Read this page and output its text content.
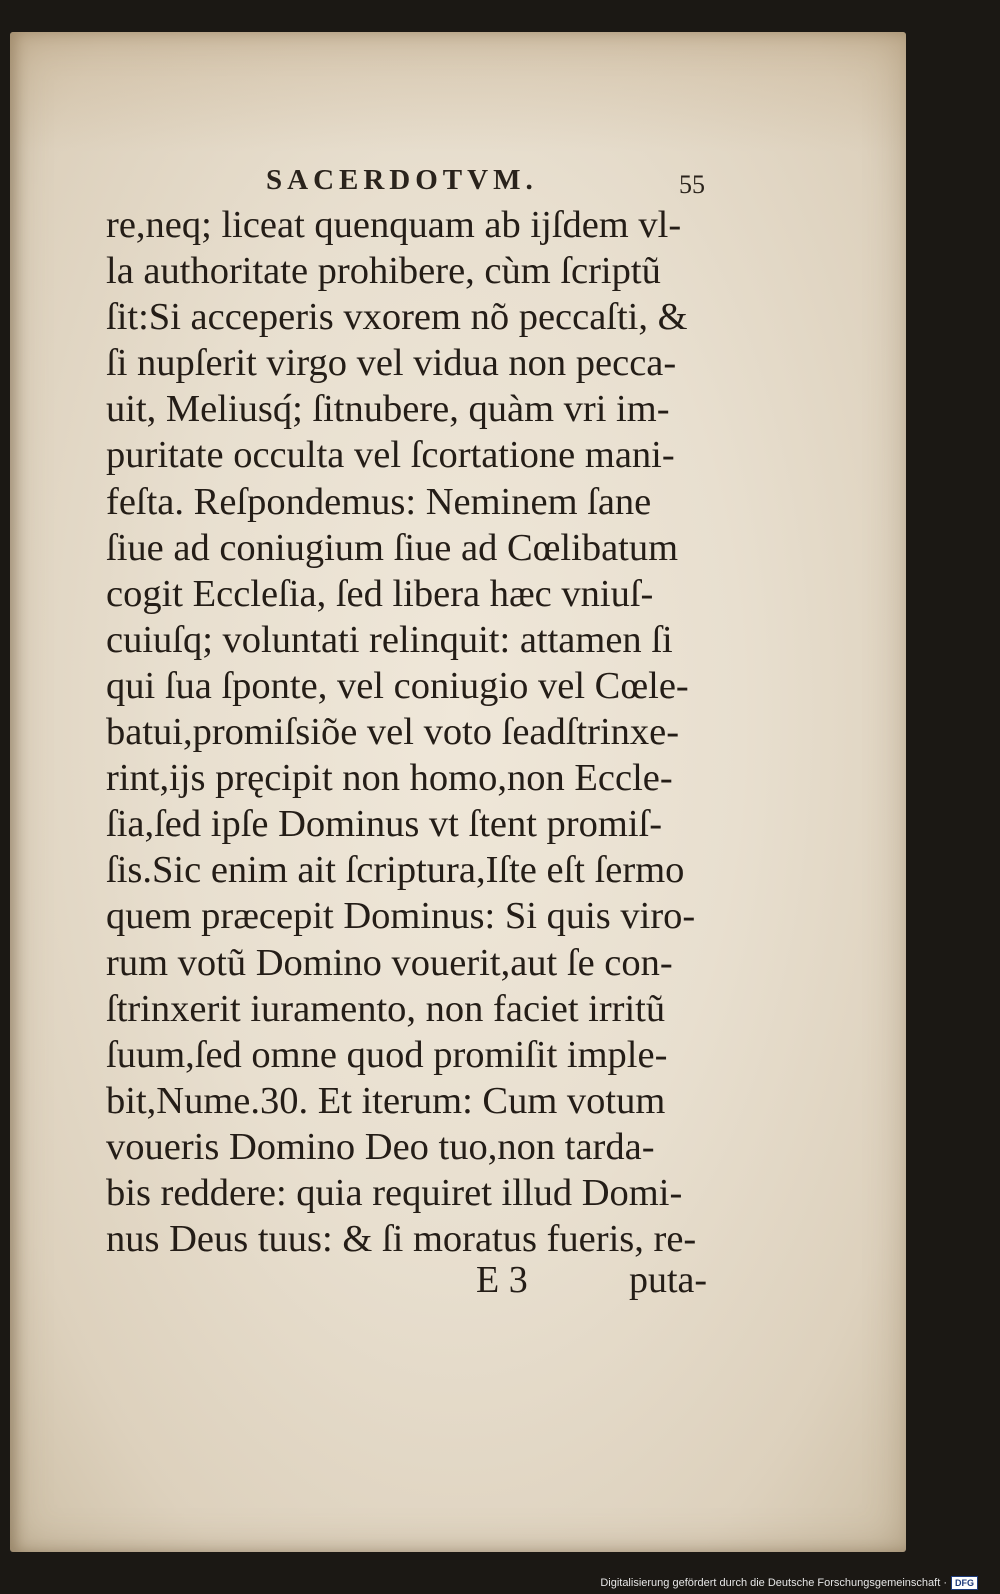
SACERDOTVM.	55
re,neq; liceat quenquam ab ijſdem vl-
la authoritate prohibere, cùm ſcriptũ
ſit:Si acceperis vxorem nõ peccaſti, &
ſi nupſerit virgo vel vidua non pecca-
uit, Meliusq́; ſitnubere, quàm vri im-
puritate occulta vel ſcortatione mani-
feſta. Reſpondemus: Neminem ſane
ſiue ad coniugium ſiue ad Cœlibatum
cogit Eccleſia, ſed libera hæc vniuſ-
cuiuſq; voluntati relinquit: attamen ſi
qui ſua ſponte, vel coniugio vel Cœle-
batui,promiſsiõe vel voto ſeadſtrinxe-
rint,ijs pręcipit non homo,non Eccle-
ſia,ſed ipſe Dominus vt ſtent promiſ-
ſis.Sic enim ait ſcriptura,Iſte eſt ſermo
quem præcepit Dominus: Si quis viro-
rum votũ Domino vouerit,aut ſe con-
ſtrinxerit iuramento, non faciet irritũ
ſuum,ſed omne quod promiſit imple-
bit,Nume.30. Et iterum: Cum votum
voueris Domino Deo tuo,non tarda-
bis reddere: quia requiret illud Domi-
nus Deus tuus: & ſi moratus fueris, re-
E 3	puta-
Digitalisierung gefördert durch die Deutsche Forschungsgemeinschaft · DFG
